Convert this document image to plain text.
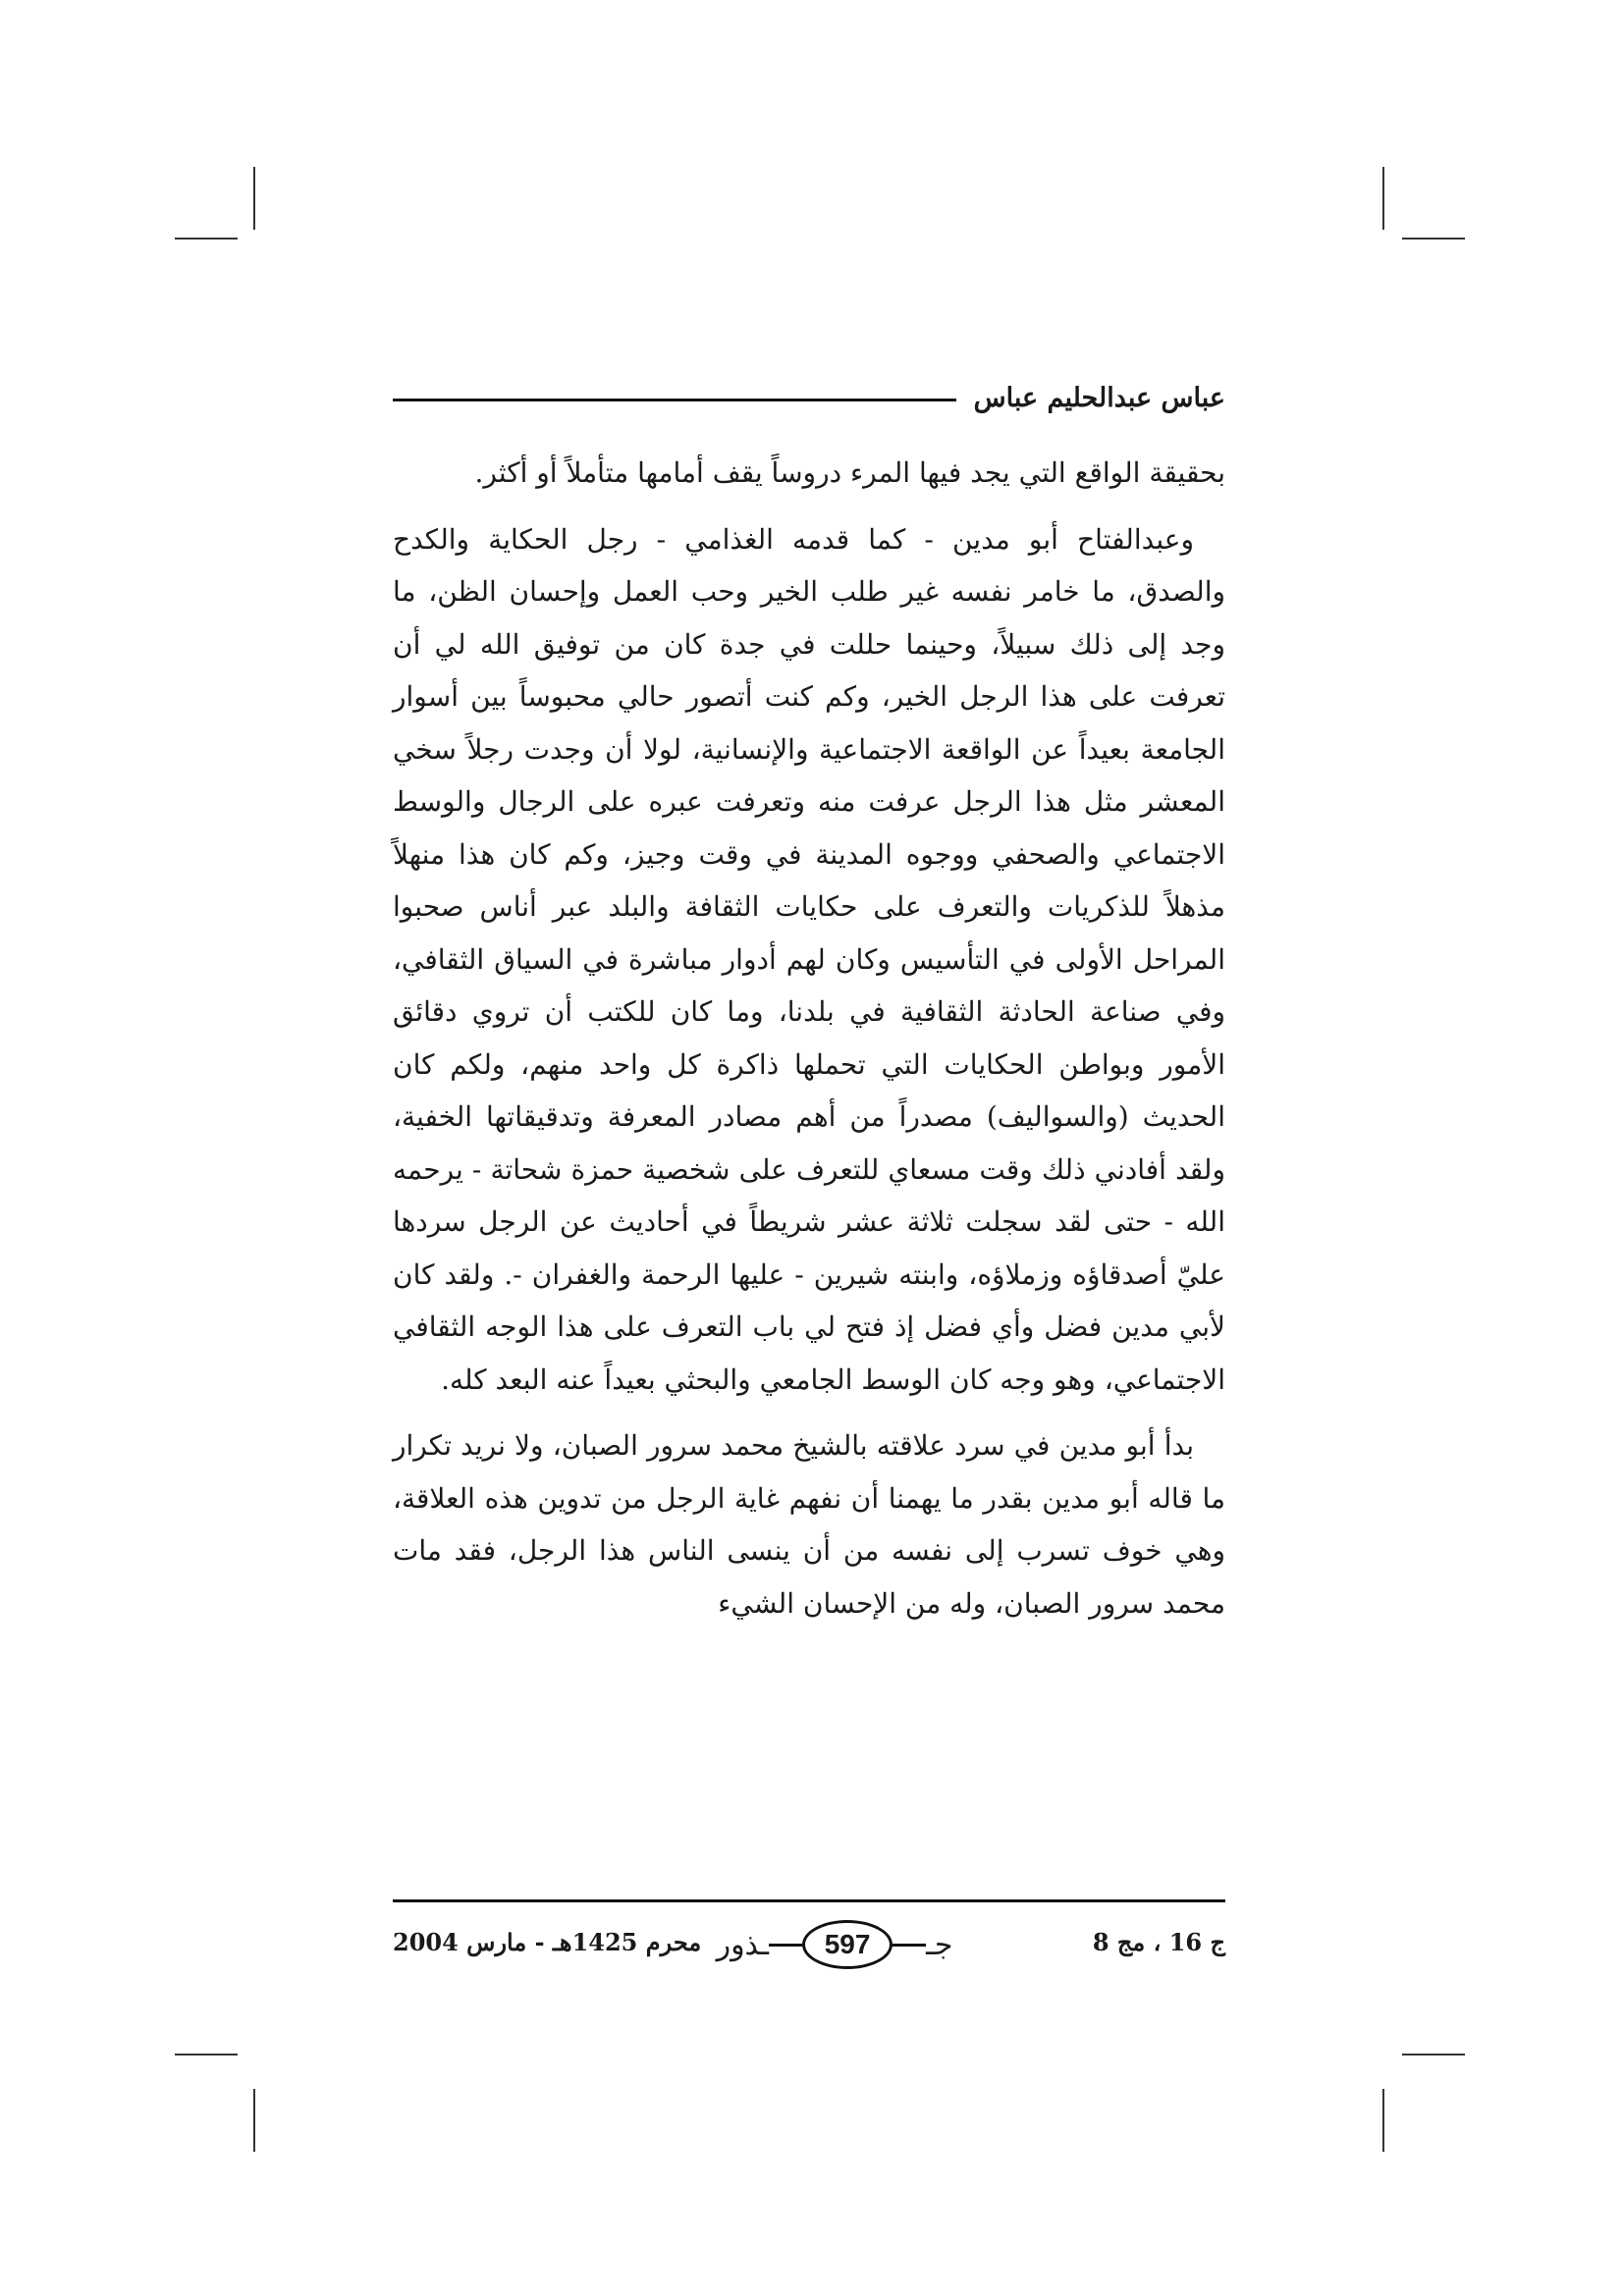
عباس عبدالحليم عباس

بحقيقة الواقع التي يجد فيها المرء دروساً يقف أمامها متأملاً أو أكثر.

وعبدالفتاح أبو مدين - كما قدمه الغذامي - رجل الحكاية والكدح والصدق، ما خامر نفسه غير طلب الخير وحب العمل وإحسان الظن، ما وجد إلى ذلك سبيلاً، وحينما حللت في جدة كان من توفيق الله لي أن تعرفت على هذا الرجل الخير، وكم كنت أتصور حالي محبوساً بين أسوار الجامعة بعيداً عن الواقعة الاجتماعية والإنسانية، لولا أن وجدت رجلاً سخي المعشر مثل هذا الرجل عرفت منه وتعرفت عبره على الرجال والوسط الاجتماعي والصحفي ووجوه المدينة في وقت وجيز، وكم كان هذا منهلاً مذهلاً للذكريات والتعرف على حكايات الثقافة والبلد عبر أناس صحبوا المراحل الأولى في التأسيس وكان لهم أدوار مباشرة في السياق الثقافي، وفي صناعة الحادثة الثقافية في بلدنا، وما كان للكتب أن تروي دقائق الأمور وبواطن الحكايات التي تحملها ذاكرة كل واحد منهم، ولكم كان الحديث (والسواليف) مصدراً من أهم مصادر المعرفة وتدقيقاتها الخفية، ولقد أفادني ذلك وقت مسعاي للتعرف على شخصية حمزة شحاتة - يرحمه الله - حتى لقد سجلت ثلاثة عشر شريطاً في أحاديث عن الرجل سردها عليّ أصدقاؤه وزملاؤه، وابنته شيرين - عليها الرحمة والغفران -. ولقد كان لأبي مدين فضل وأي فضل إذ فتح لي باب التعرف على هذا الوجه الثقافي الاجتماعي، وهو وجه كان الوسط الجامعي والبحثي بعيداً عنه البعد كله.

بدأ أبو مدين في سرد علاقته بالشيخ محمد سرور الصبان، ولا نريد تكرار ما قاله أبو مدين بقدر ما يهمنا أن نفهم غاية الرجل من تدوين هذه العلاقة، وهي خوف تسرب إلى نفسه من أن ينسى الناس هذا الرجل، فقد مات محمد سرور الصبان، وله من الإحسان الشيء

ج 16 ، مج 8
جـ
597
ـذور
محرم 1425هـ - مارس 2004
